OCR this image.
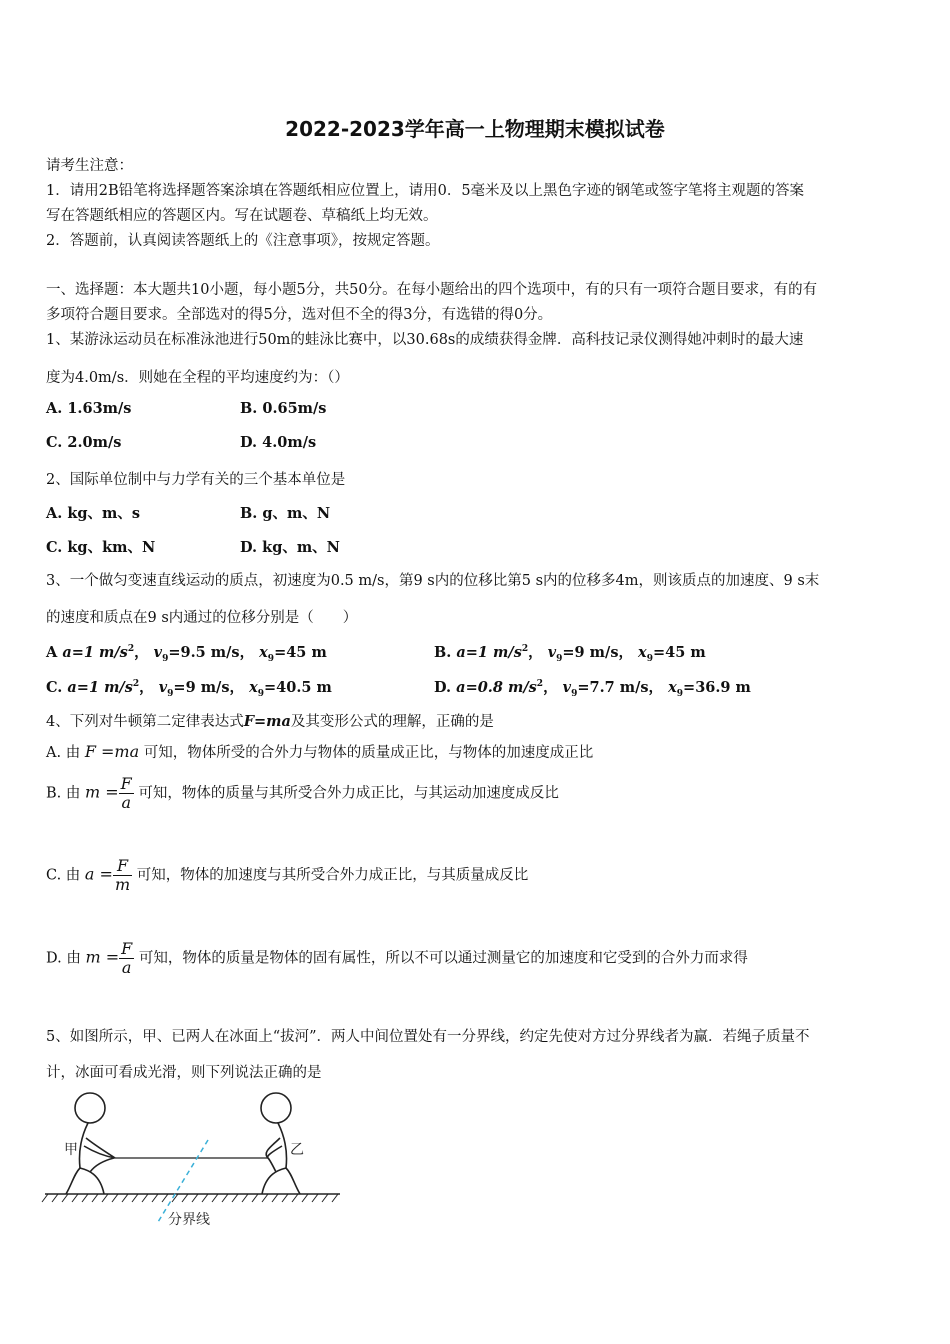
2022-2023学年高一上物理期末模拟试卷
请考生注意：
1．请用2B铅笔将选择题答案涂填在答题纸相应位置上，请用0．5毫米及以上黑色字迹的钢笔或签字笔将主观题的答案
写在答题纸相应的答题区内。写在试题卷、草稿纸上均无效。
2．答题前，认真阅读答题纸上的《注意事项》，按规定答题。
一、选择题：本大题共10小题，每小题5分，共50分。在每小题给出的四个选项中，有的只有一项符合题目要求，有的有
多项符合题目要求。全部选对的得5分，选对但不全的得3分，有选错的得0分。
1、某游泳运动员在标准泳池进行50m的蛙泳比赛中，以30.68s的成绩获得金牌．高科技记录仪测得她冲刺时的最大速
度为4.0m/s．则她在全程的平均速度约为：（）
A. 1.63m/s	B. 0.65m/s
C. 2.0m/s	D. 4.0m/s
2、国际单位制中与力学有关的三个基本单位是
A. kg、m、s	B. g、m、N
C. kg、km、N	D. kg、m、N
3、一个做匀变速直线运动的质点，初速度为0.5 m/s，第9 s内的位移比第5 s内的位移多4m，则该质点的加速度、9 s末
的速度和质点在9 s内通过的位移分别是（　　）
A a=1 $m/s^2$， $v_9=9.5$ m/s， $x_9=45$ m	B. a=1 $m/s^2$， $v_9=9$ m/s， $x_9=45$ m
C. a=1 $m/s^2$， $v_9=9$ m/s， $x_9=40.5$ m	D. a=0.8 $m/s^2$， $v_9=7.7$ m/s， $x_9=36.9$ m
4、下列对牛顿第二定律表达式F=ma及其变形公式的理解，正确的是
A. 由 F =ma 可知，物体所受的合外力与物体的质量成正比，与物体的加速度成正比
B. 由 $m = \frac{F}{a}$ 可知，物体的质量与其所受合外力成正比，与其运动加速度成反比
C. 由 $a = \frac{F}{m}$ 可知，物体的加速度与其所受合外力成正比，与其质量成反比
D. 由 $m = \frac{F}{a}$ 可知，物体的质量是物体的固有属性，所以不可以通过测量它的加速度和它受到的合外力而求得
5、如图所示，甲、已两人在冰面上“拔河”．两人中间位置处有一分界线，约定先使对方过分界线者为赢．若绳子质量不
计，冰面可看成光滑，则下列说法正确的是
甲	乙
分界线
